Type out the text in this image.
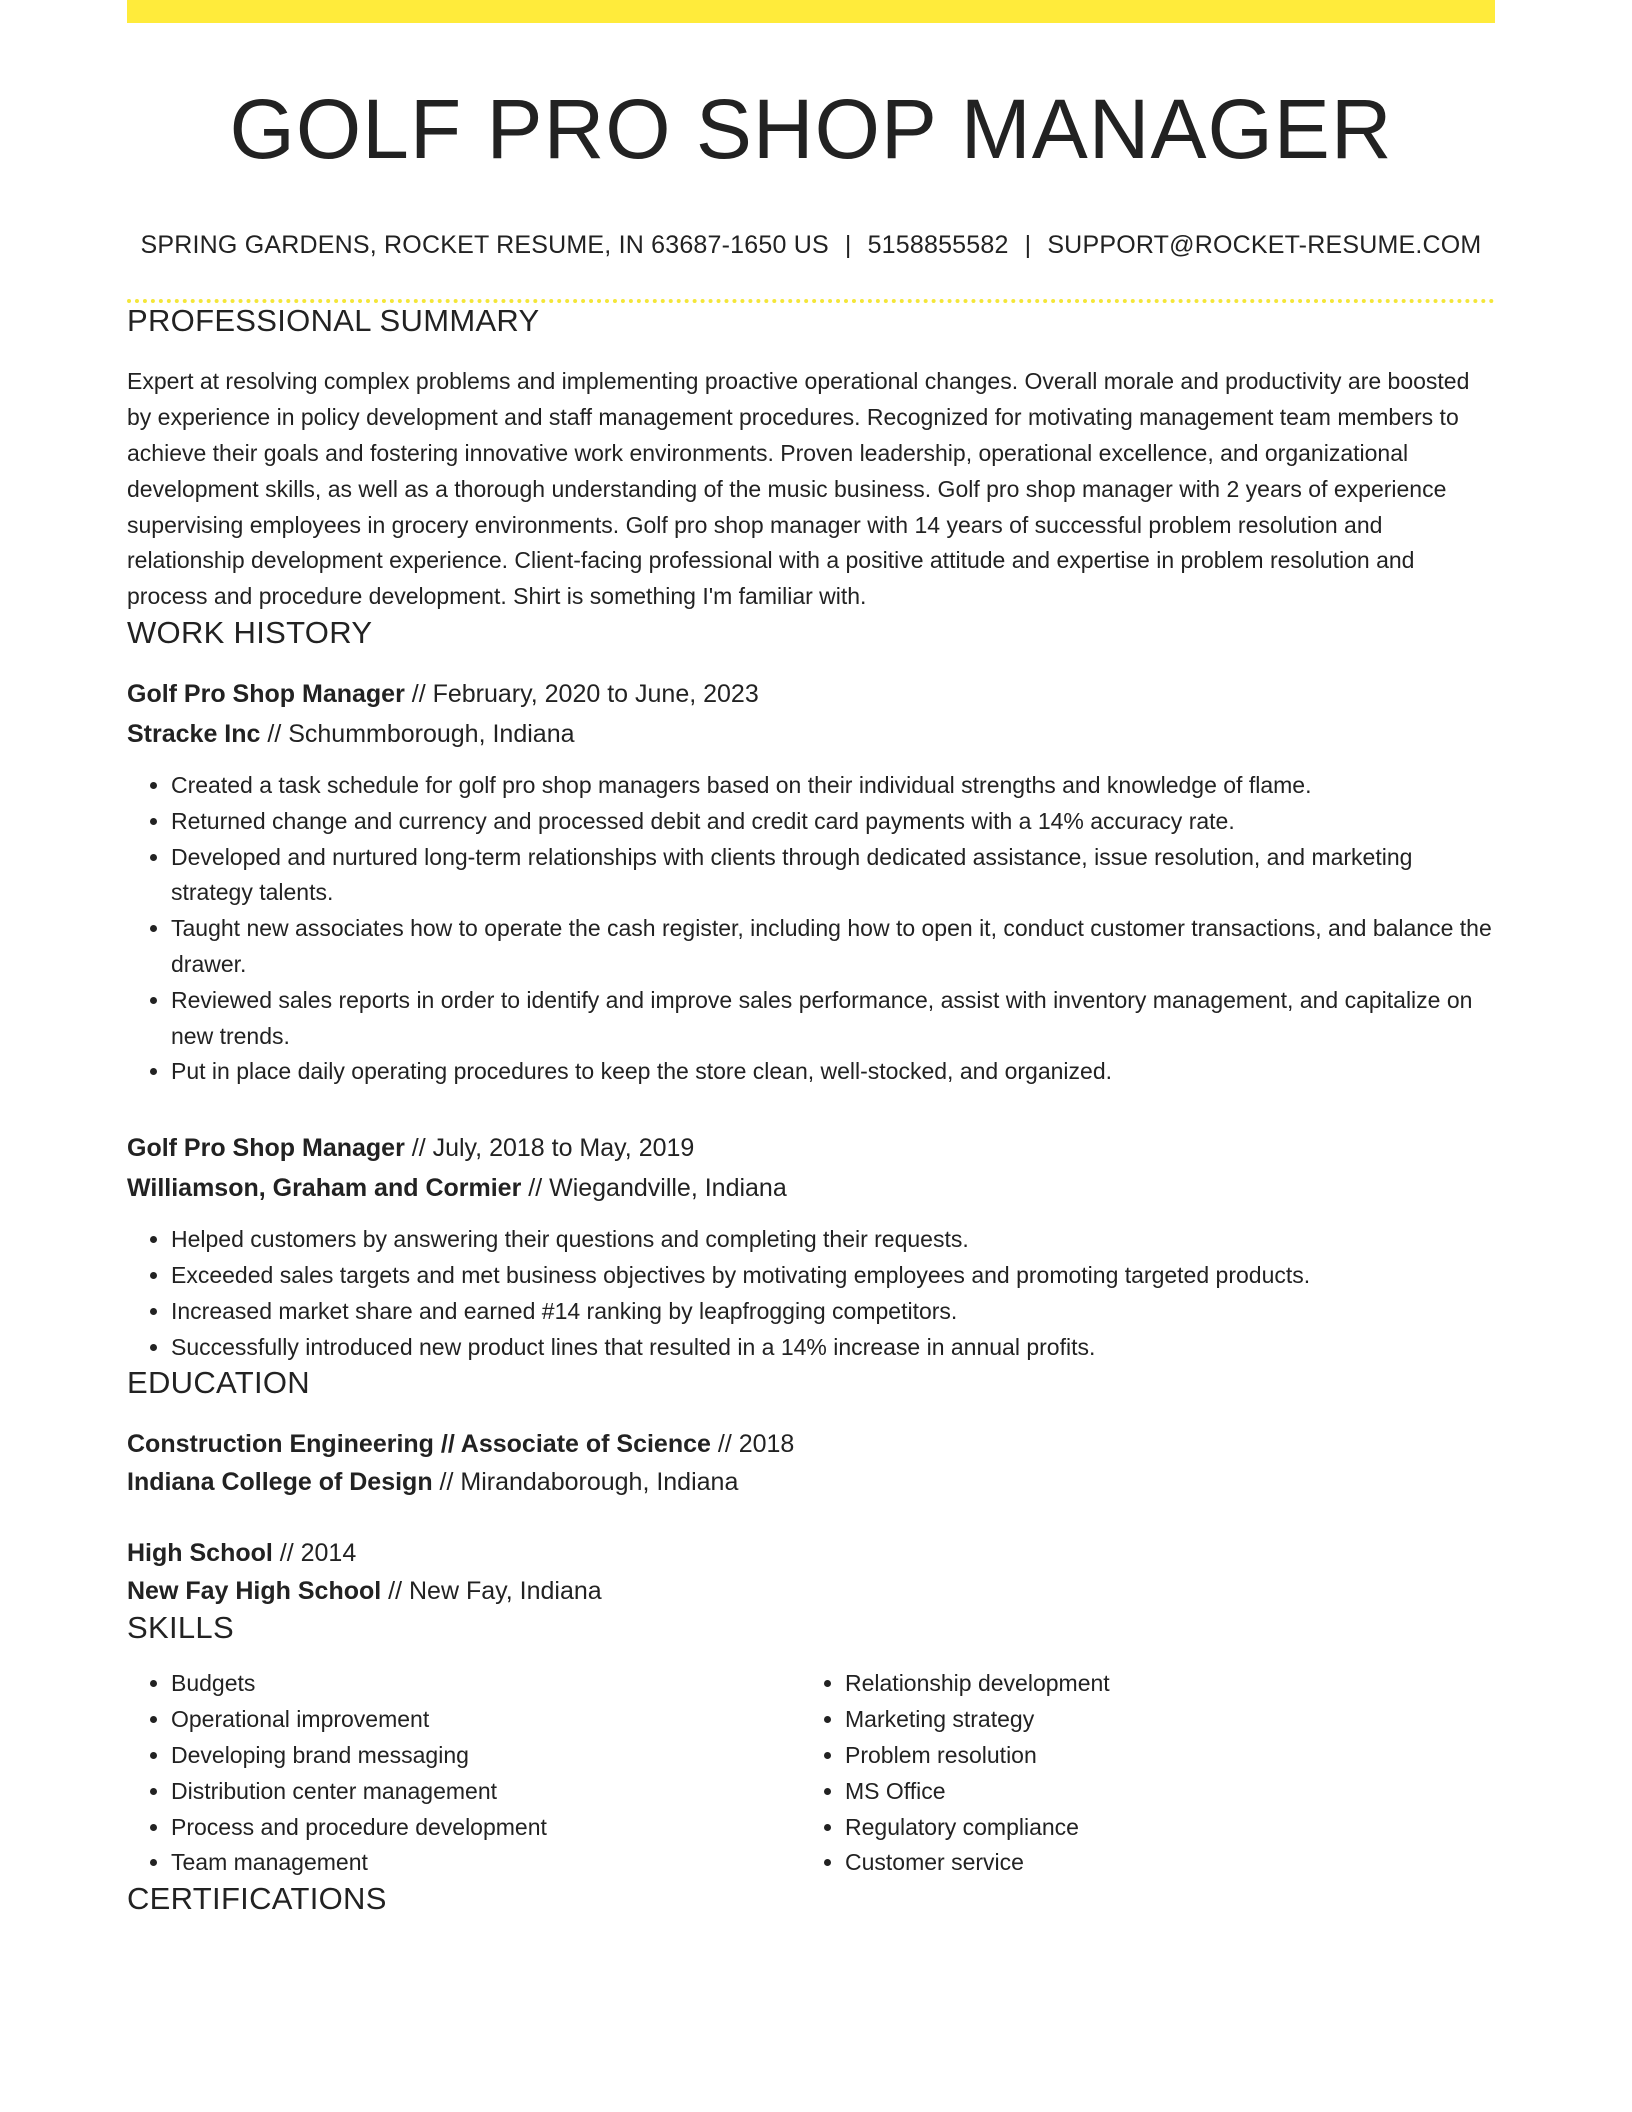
GOLF PRO SHOP MANAGER
SPRING GARDENS, ROCKET RESUME, IN 63687-1650 US | 5158855582 | SUPPORT@ROCKET-RESUME.COM
PROFESSIONAL SUMMARY

Expert at resolving complex problems and implementing proactive operational changes. Overall morale and productivity are boosted by experience in policy development and staff management procedures. Recognized for motivating management team members to achieve their goals and fostering innovative work environments. Proven leadership, operational excellence, and organizational development skills, as well as a thorough understanding of the music business. Golf pro shop manager with 2 years of experience supervising employees in grocery environments. Golf pro shop manager with 14 years of successful problem resolution and relationship development experience. Client-facing professional with a positive attitude and expertise in problem resolution and process and procedure development. Shirt is something I'm familiar with.

WORK HISTORY
Golf Pro Shop Manager // February, 2020 to June, 2023
Stracke Inc // Schummborough, Indiana
• Created a task schedule for golf pro shop managers based on their individual strengths and knowledge of flame.
• Returned change and currency and processed debit and credit card payments with a 14% accuracy rate.
• Developed and nurtured long-term relationships with clients through dedicated assistance, issue resolution, and marketing strategy talents.
• Taught new associates how to operate the cash register, including how to open it, conduct customer transactions, and balance the drawer.
• Reviewed sales reports in order to identify and improve sales performance, assist with inventory management, and capitalize on new trends.
• Put in place daily operating procedures to keep the store clean, well-stocked, and organized.
Golf Pro Shop Manager // July, 2018 to May, 2019
Williamson, Graham and Cormier // Wiegandville, Indiana
• Helped customers by answering their questions and completing their requests.
• Exceeded sales targets and met business objectives by motivating employees and promoting targeted products.
• Increased market share and earned #14 ranking by leapfrogging competitors.
• Successfully introduced new product lines that resulted in a 14% increase in annual profits.
EDUCATION
Construction Engineering // Associate of Science // 2018
Indiana College of Design // Mirandaborough, Indiana
High School // 2014
New Fay High School // New Fay, Indiana
SKILLS
• Budgets
• Operational improvement
• Developing brand messaging
• Distribution center management
• Process and procedure development
• Team management
• Relationship development
• Marketing strategy
• Problem resolution
• MS Office
• Regulatory compliance
• Customer service
CERTIFICATIONS
